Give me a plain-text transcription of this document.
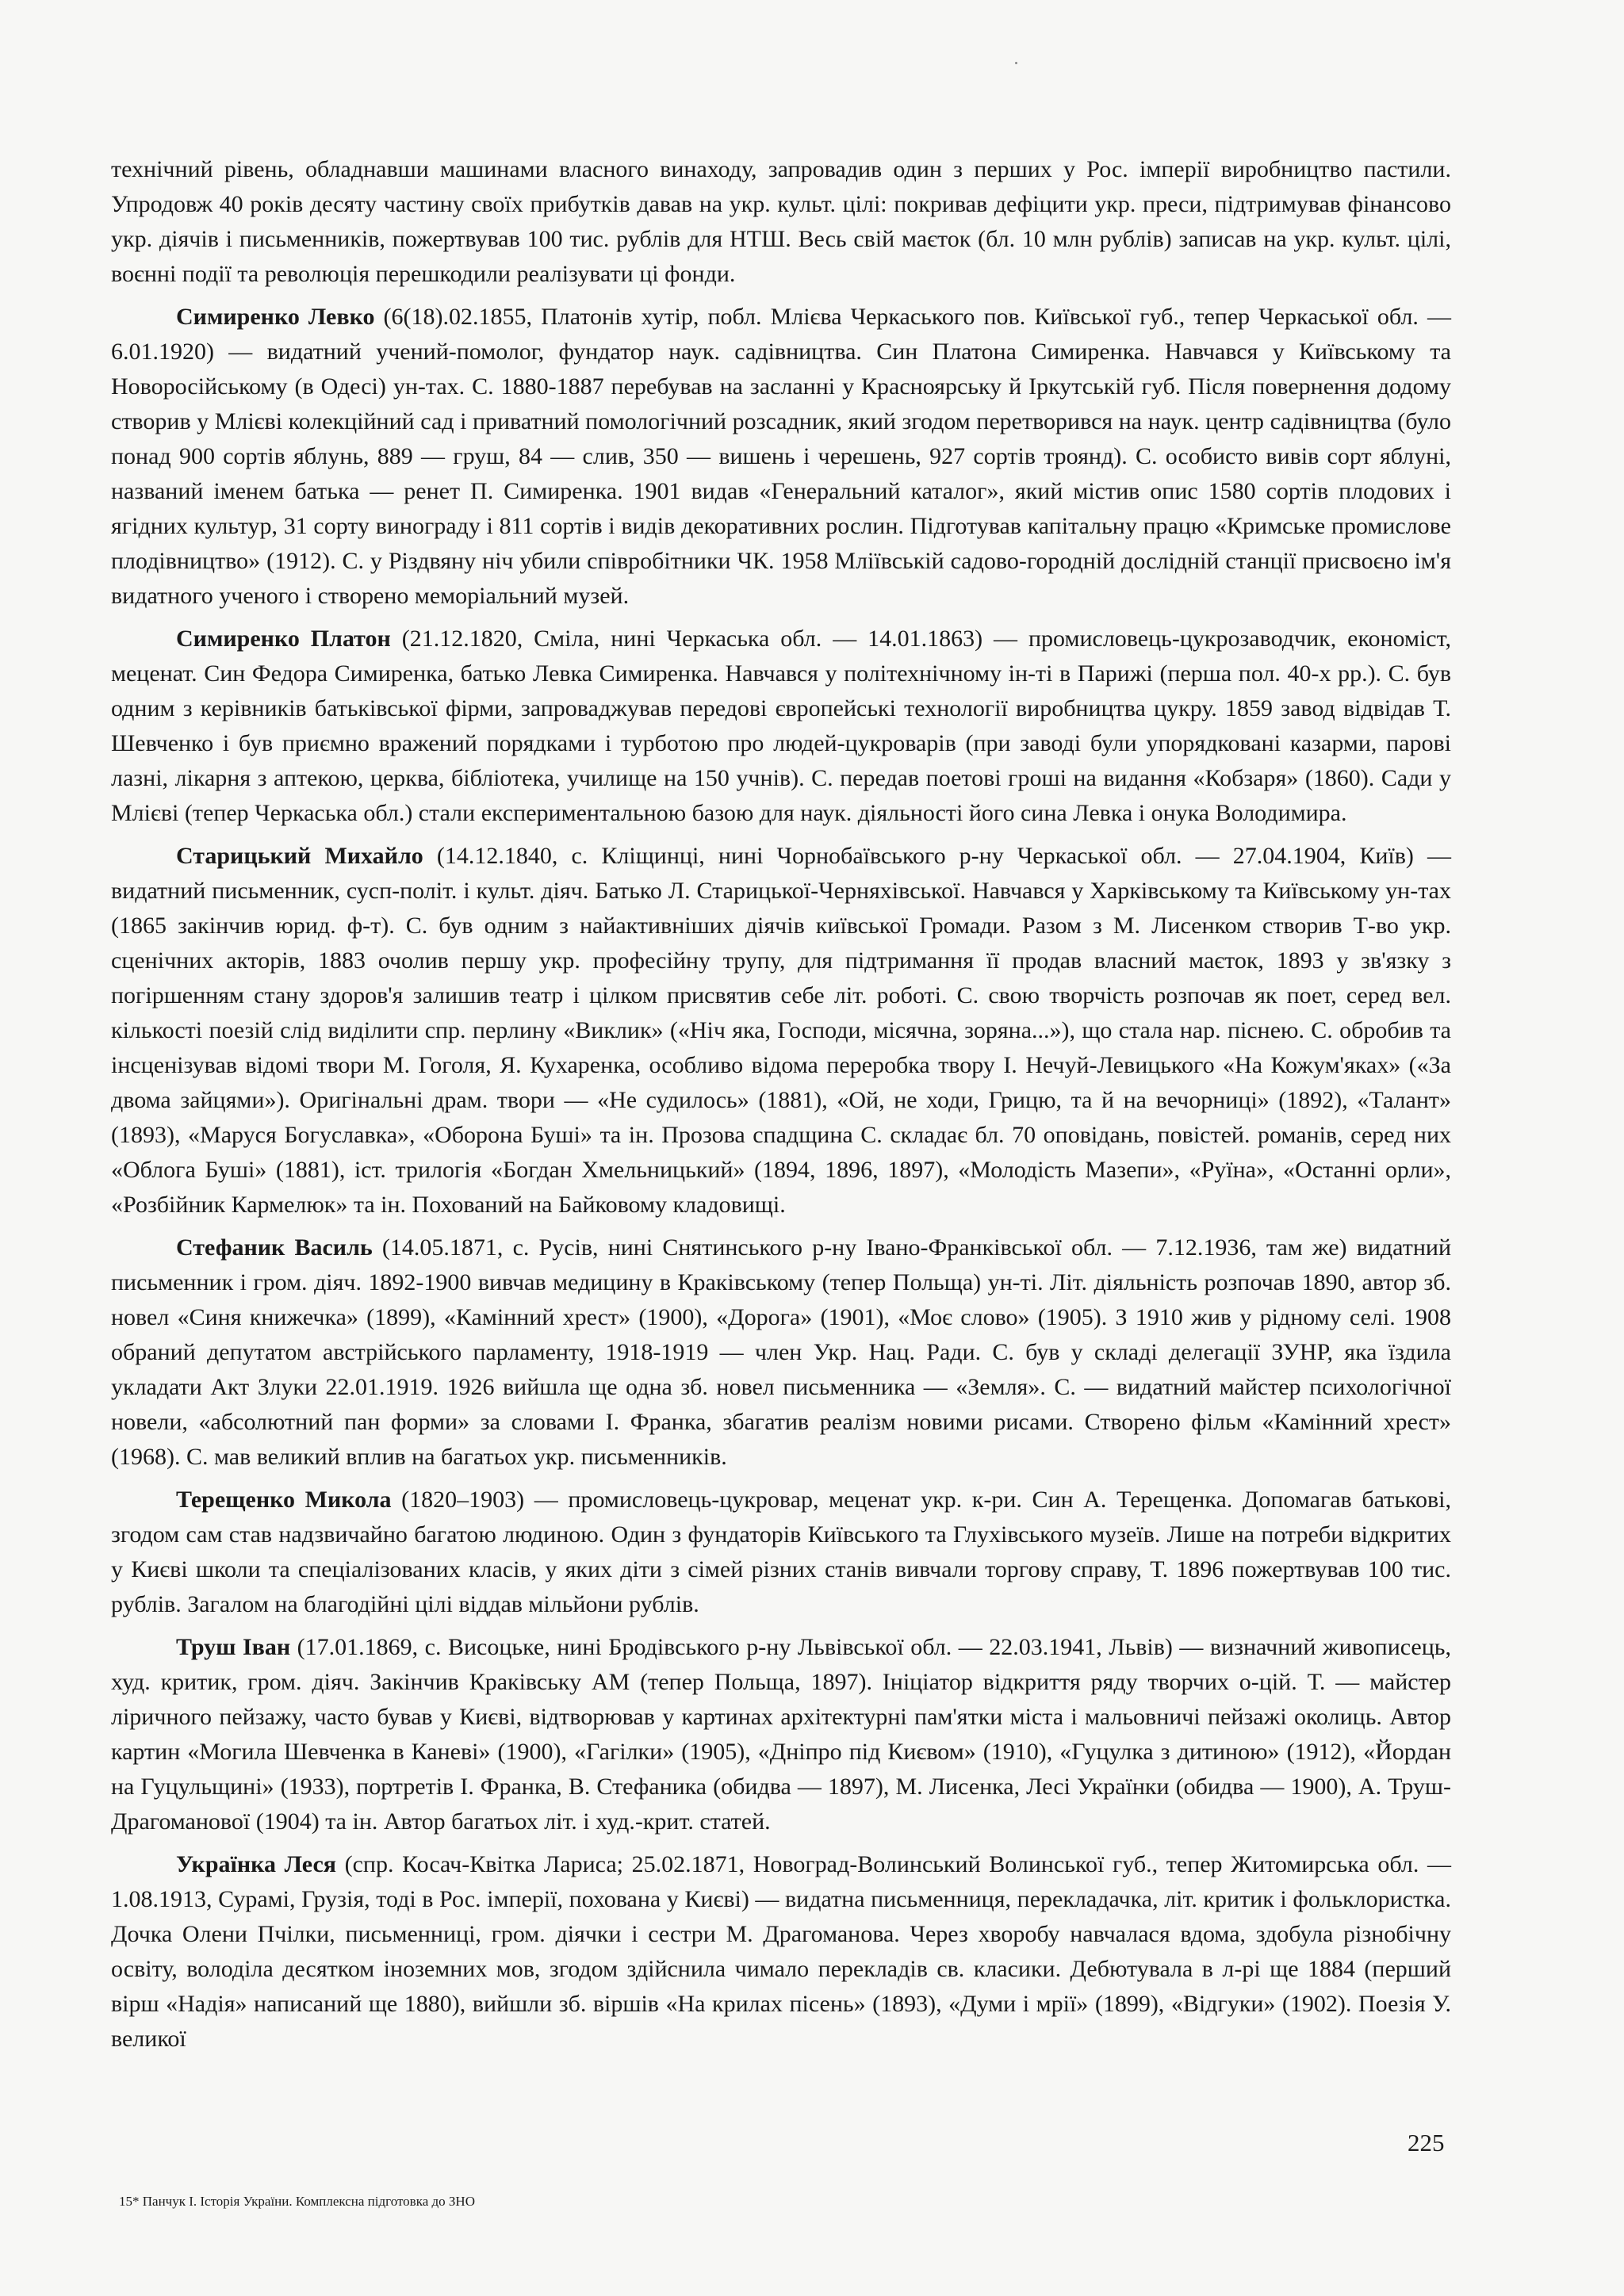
технічний рівень, обладнавши машинами власного винаходу, запровадив один з перших у Рос. імперії виробництво пастили. Упродовж 40 років десяту частину своїх прибутків давав на укр. культ. цілі: покривав дефіцити укр. преси, підтримував фінансово укр. діячів і письменників, пожертвував 100 тис. рублів для НТШ. Весь свій маєток (бл. 10 млн рублів) записав на укр. культ. цілі, воєнні події та революція перешкодили реалізувати ці фонди.

Симиренко Левко (6(18).02.1855, Платонів хутір, побл. Млієва Черкаського пов. Київської губ., тепер Черкаської обл. — 6.01.1920) — видатний учений-помолог, фундатор наук. садівництва. Син Платона Симиренка. Навчався у Київському та Новоросійському (в Одесі) ун-тах. С. 1880-1887 перебував на засланні у Красноярську й Іркутській губ. Після повернення додому створив у Млієві колекційний сад і приватний помологічний розсадник, який згодом перетворився на наук. центр садівництва (було понад 900 сортів яблунь, 889 — груш, 84 — слив, 350 — вишень і черешень, 927 сортів троянд). С. особисто вивів сорт яблуні, названий іменем батька — ренет П. Симиренка. 1901 видав «Генеральний каталог», який містив опис 1580 сортів плодових і ягідних культур, 31 сорту винограду і 811 сортів і видів декоративних рослин. Підготував капітальну працю «Кримське промислове плодівництво» (1912). С. у Різдвяну ніч убили співробітники ЧК. 1958 Мліївській садово-городній дослідній станції присвоєно ім'я видатного ученого і створено меморіальний музей.

Симиренко Платон (21.12.1820, Сміла, нині Черкаська обл. — 14.01.1863) — промисловець-цукрозаводчик, економіст, меценат. Син Федора Симиренка, батько Левка Симиренка. Навчався у політехнічному ін-ті в Парижі (перша пол. 40-х рр.). С. був одним з керівників батьківської фірми, запроваджував передові європейські технології виробництва цукру. 1859 завод відвідав Т. Шевченко і був приємно вражений порядками і турботою про людей-цукроварів (при заводі були упорядковані казарми, парові лазні, лікарня з аптекою, церква, бібліотека, училище на 150 учнів). С. передав поетові гроші на видання «Кобзаря» (1860). Сади у Млієві (тепер Черкаська обл.) стали експериментальною базою для наук. діяльності його сина Левка і онука Володимира.

Старицький Михайло (14.12.1840, с. Кліщинці, нині Чорнобаївського р-ну Черкаської обл. — 27.04.1904, Київ) — видатний письменник, сусп-політ. і культ. діяч. Батько Л. Старицької-Черняхівської. Навчався у Харківському та Київському ун-тах (1865 закінчив юрид. ф-т). С. був одним з найактивніших діячів київської Громади. Разом з М. Лисенком створив Т-во укр. сценічних акторів, 1883 очолив першу укр. професійну трупу, для підтримання її продав власний маєток, 1893 у зв'язку з погіршенням стану здоров'я залишив театр і цілком присвятив себе літ. роботі. С. свою творчість розпочав як поет, серед вел. кількості поезій слід виділити спр. перлину «Виклик» («Ніч яка, Господи, місячна, зоряна...»), що стала нар. піснею. С. обробив та інсценізував відомі твори М. Гоголя, Я. Кухаренка, особливо відома переробка твору І. Нечуй-Левицького «На Кожум'яках» («За двома зайцями»). Оригінальні драм. твори — «Не судилось» (1881), «Ой, не ходи, Грицю, та й на вечорниці» (1892), «Талант» (1893), «Маруся Богуславка», «Оборона Буші» та ін. Прозова спадщина С. складає бл. 70 оповідань, повістей. романів, серед них «Облога Буші» (1881), іст. трилогія «Богдан Хмельницький» (1894, 1896, 1897), «Молодість Мазепи», «Руїна», «Останні орли», «Розбійник Кармелюк» та ін. Похований на Байковому кладовищі.

Стефаник Василь (14.05.1871, с. Русів, нині Снятинського р-ну Івано-Франківської обл. — 7.12.1936, там же) видатний письменник і гром. діяч. 1892-1900 вивчав медицину в Краківському (тепер Польща) ун-ті. Літ. діяльність розпочав 1890, автор зб. новел «Синя книжечка» (1899), «Камінний хрест» (1900), «Дорога» (1901), «Моє слово» (1905). З 1910 жив у рідному селі. 1908 обраний депутатом австрійського парламенту, 1918-1919 — член Укр. Нац. Ради. С. був у складі делегації ЗУНР, яка їздила укладати Акт Злуки 22.01.1919. 1926 вийшла ще одна зб. новел письменника — «Земля». С. — видатний майстер психологічної новели, «абсолютний пан форми» за словами І. Франка, збагатив реалізм новими рисами. Створено фільм «Камінний хрест» (1968). С. мав великий вплив на багатьох укр. письменників.

Терещенко Микола (1820–1903) — промисловець-цукровар, меценат укр. к-ри. Син А. Терещенка. Допомагав батькові, згодом сам став надзвичайно багатою людиною. Один з фундаторів Київського та Глухівського музеїв. Лише на потреби відкритих у Києві школи та спеціалізованих класів, у яких діти з сімей різних станів вивчали торгову справу, Т. 1896 пожертвував 100 тис. рублів. Загалом на благодійні цілі віддав мільйони рублів.

Труш Іван (17.01.1869, с. Висоцьке, нині Бродівського р-ну Львівської обл. — 22.03.1941, Львів) — визначний живописець, худ. критик, гром. діяч. Закінчив Краківську АМ (тепер Польща, 1897). Ініціатор відкриття ряду творчих о-цій. Т. — майстер ліричного пейзажу, часто бував у Києві, відтворював у картинах архітектурні пам'ятки міста і мальовничі пейзажі околиць. Автор картин «Могила Шевченка в Каневі» (1900), «Гагілки» (1905), «Дніпро під Києвом» (1910), «Гуцулка з дитиною» (1912), «Йордан на Гуцульщині» (1933), портретів І. Франка, В. Стефаника (обидва — 1897), М. Лисенка, Лесі Українки (обидва — 1900), А. Труш-Драгоманової (1904) та ін. Автор багатьох літ. і худ.-крит. статей.

Українка Леся (спр. Косач-Квітка Лариса; 25.02.1871, Новоград-Волинський Волинської губ., тепер Житомирська обл. — 1.08.1913, Сурамі, Грузія, тоді в Рос. імперії, похована у Києві) — видатна письменниця, перекладачка, літ. критик і фольклористка. Дочка Олени Пчілки, письменниці, гром. діячки і сестри М. Драгоманова. Через хворобу навчалася вдома, здобула різнобічну освіту, володіла десятком іноземних мов, згодом здійснила чимало перекладів св. класики. Дебютувала в л-рі ще 1884 (перший вірш «Надія» написаний ще 1880), вийшли зб. віршів «На крилах пісень» (1893), «Думи і мрії» (1899), «Відгуки» (1902). Поезія У. великої

225
15* Панчук І. Історія України. Комплексна підготовка до ЗНО
